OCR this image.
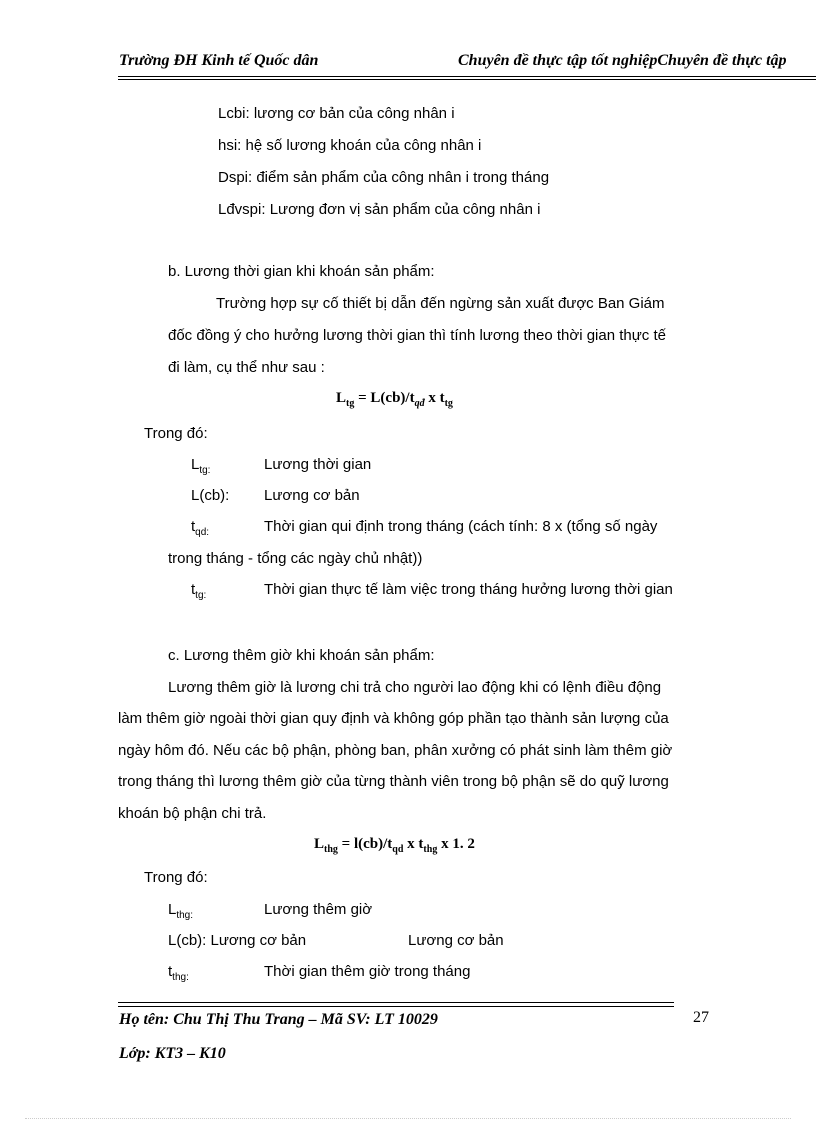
Trường ĐH Kinh tế Quốc dân	Chuyên đề thực tập tốt nghiệpChuyên đề thực tập
Lcbi: lương cơ bản của công nhân i
hsi: hệ số lương khoán của công nhân i
Dspi: điểm sản phẩm của công nhân i trong tháng
Lđvspi: Lương đơn vị sản phẩm của công nhân i
b. Lương thời gian khi khoán sản phẩm:
Trường hợp sự cố thiết bị dẫn đến ngừng sản xuất được Ban Giám
đốc đồng ý cho hưởng lương thời gian thì tính lương theo thời gian thực tế
đi làm, cụ thể như sau :
$L_{tg} = L(cb)/t_{qđ}$ x $t_{tg}$
Trong đó:
$L_{tg:}$	Lương thời gian
L(cb): Lương cơ bản
$t_{qd:}$	Thời gian qui định trong tháng (cách tính: 8 x (tổng số ngày
trong tháng - tổng các ngày chủ nhật))
$t_{tg:}$	Thời gian thực tế làm việc trong tháng hưởng lương thời gian
c. Lương thêm giờ khi khoán sản phẩm:
Lương thêm giờ là lương chi trả cho người lao động khi có lệnh điều động
làm thêm giờ ngoài thời gian quy định và không góp phần tạo thành sản lượng của
ngày hôm đó. Nếu các bộ phận, phòng ban, phân xưởng có phát sinh làm thêm giờ
trong tháng thì lương thêm giờ của từng thành viên trong bộ phận sẽ do quỹ lương
khoán bộ phận chi trả.
$L_{thg} = l(cb)/t_{qd}$ x $t_{thg}$ x 1. 2
Trong đó:
$L_{thg:}$	Lương thêm giờ
L(cb): Lương cơ bản	Lương cơ bản
$t_{thg:}$	Thời gian thêm giờ trong tháng
Họ tên: Chu Thị Thu Trang – Mã SV: LT 10029	27
Lớp: KT3 – K10
